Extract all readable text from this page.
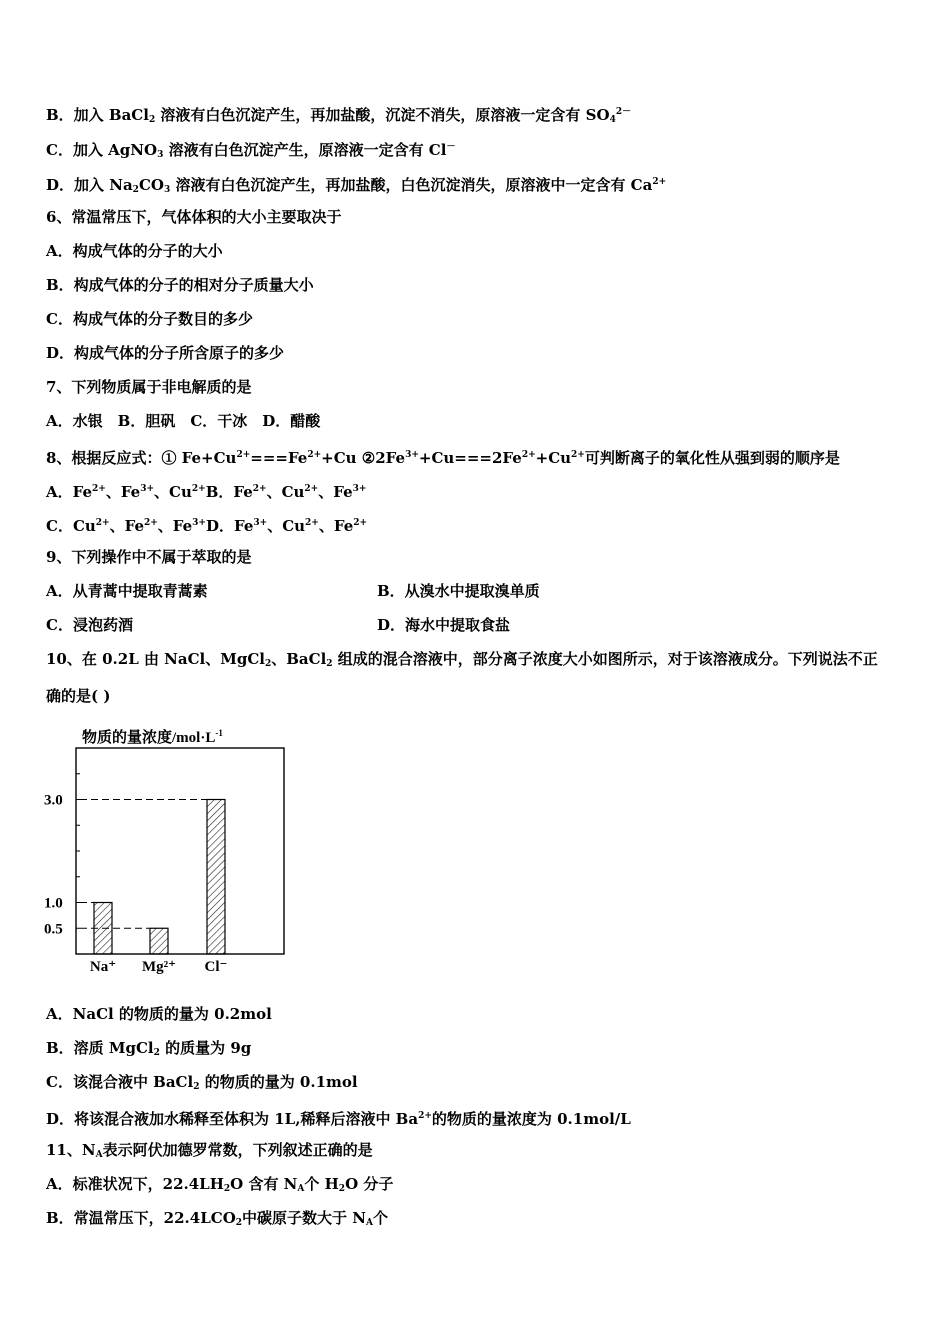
B．加入 BaCl$_2$ 溶液有白色沉淀产生，再加盐酸，沉淀不消失，原溶液一定含有 $SO_4^{2-}$
C．加入 AgNO$_3$ 溶液有白色沉淀产生，原溶液一定含有 Cl－
D．加入 $Na_2CO_3$ 溶液有白色沉淀产生，再加盐酸，白色沉淀消失，原溶液中一定含有 $Ca^{2+}$
6、常温常压下，气体体积的大小主要取决于
A．构成气体的分子的大小
B．构成气体的分子的相对分子质量大小
C．构成气体的分子数目的多少
D．构成气体的分子所含原子的多少
7、下列物质属于非电解质的是
A．水银　B．胆矾　C．干冰　D．醋酸
8、根据反应式：① $Fe+Cu^{2+}===Fe^{2+}+Cu$ $②2Fe^{3+}+Cu===2Fe^{2+}+Cu^{2+}$可判断离子的氧化性从强到弱的顺序是
A．$Fe^{2+}$、$Fe^{3+}$、$Cu^{2+}B$．$Fe^{2+}$、$Cu^{2+}$、$Fe^{3+}$
C．$Cu^{2+}$、$Fe^{2+}$、$Fe^{3+}D$．$Fe^{3+}$、$Cu^{2+}$、$Fe^{2+}$
9、下列操作中不属于萃取的是
A．从青蒿中提取青蒿素	B．从溴水中提取溴单质
C．浸泡药酒	D．海水中提取食盐
10、在 0.2L 由 NaCl、MgCl$_2$、BaCl$_2$ 组成的混合溶液中，部分离子浓度大小如图所示，对于该溶液成分。下列说法不正
确的是( )
物质的量浓度$/mol\cdot L^{-1}$
3.0
1.0
0.5
Na⁺ Mg²⁺ Cl⁻
A．NaCl 的物质的量为 0.2mol
B．溶质 MgCl$_2$ 的质量为 9g
C．该混合液中 BaCl$_2$ 的物质的量为 0.1mol
D．将该混合液加水稀释至体积为 1L,稀释后溶液中 $Ba^{2+}$的物质的量浓度为 0.1mol/L
11、$N_A$表示阿伏加德罗常数，下列叙述正确的是
A．标准状况下，$22.4LH_2O$ 含有 $N_A$个 $H_2O$ 分子
B．常温常压下，$22.4LCO_2$中碳原子数大于 $N_A$个
